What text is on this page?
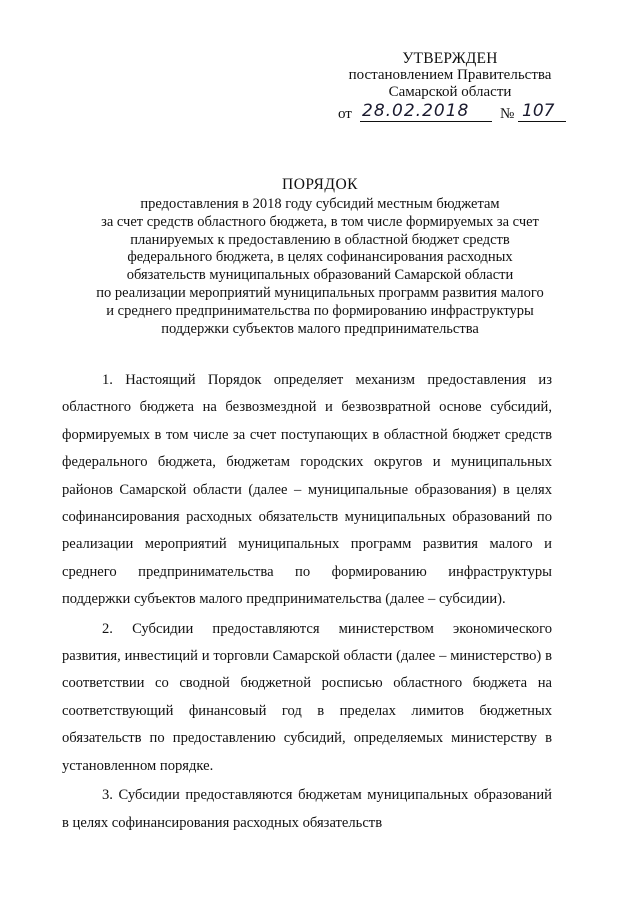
УТВЕРЖДЕН
постановлением Правительства
Самарской области
от 28.02.2018	№ 107
ПОРЯДОК
предоставления в 2018 году субсидий местным бюджетам
за счет средств областного бюджета, в том числе формируемых за счет
планируемых к предоставлению в областной бюджет средств
федерального бюджета, в целях софинансирования расходных
обязательств муниципальных образований Самарской области
по реализации мероприятий муниципальных программ развития малого
и среднего предпринимательства по формированию инфраструктуры
поддержки субъектов малого предпринимательства

1. Настоящий Порядок определяет механизм предоставления из областного бюджета на безвозмездной и безвозвратной основе субсидий, формируемых в том числе за счет поступающих в областной бюджет средств федерального бюджета, бюджетам городских округов и муниципальных районов Самарской области (далее – муниципальные образования) в целях софинансирования расходных обязательств муниципальных образований по реализации мероприятий муниципальных программ развития малого и среднего предпринимательства по формированию инфраструктуры поддержки субъектов малого предпринимательства (далее – субсидии).

2. Субсидии предоставляются министерством экономического развития, инвестиций и торговли Самарской области (далее – министерство) в соответствии со сводной бюджетной росписью областного бюджета на соответствующий финансовый год в пределах лимитов бюджетных обязательств по предоставлению субсидий, определяемых министерству в установленном порядке.

3. Субсидии предоставляются бюджетам муниципальных образований в целях софинансирования расходных обязательств
